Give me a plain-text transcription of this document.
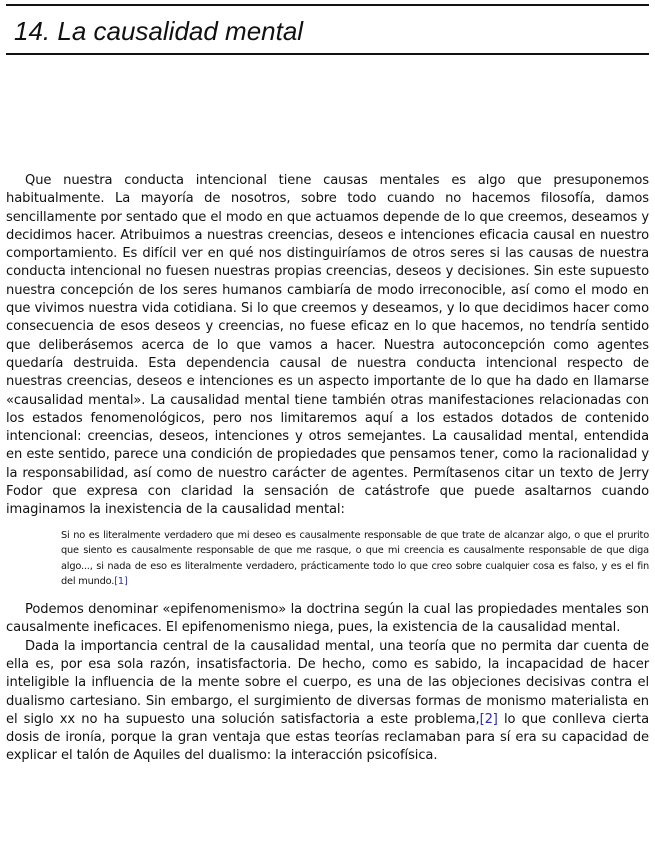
14. La causalidad mental

Que nuestra conducta intencional tiene causas mentales es algo que presuponemos habitualmente. La mayoría de nosotros, sobre todo cuando no hacemos filosofía, damos sencillamente por sentado que el modo en que actuamos depende de lo que creemos, deseamos y decidimos hacer. Atribuimos a nuestras creencias, deseos e intenciones eficacia causal en nuestro comportamiento. Es difícil ver en qué nos distinguiríamos de otros seres si las causas de nuestra conducta intencional no fuesen nuestras propias creencias, deseos y decisiones. Sin este supuesto nuestra concepción de los seres humanos cambiaría de modo irreconocible, así como el modo en que vivimos nuestra vida cotidiana. Si lo que creemos y deseamos, y lo que decidimos hacer como consecuencia de esos deseos y creencias, no fuese eficaz en lo que hacemos, no tendría sentido que deliberásemos acerca de lo que vamos a hacer. Nuestra autoconcepción como agentes quedaría destruida. Esta dependencia causal de nuestra conducta intencional respecto de nuestras creencias, deseos e intenciones es un aspecto importante de lo que ha dado en llamarse «causalidad mental». La causalidad mental tiene también otras manifestaciones relacionadas con los estados fenomenológicos, pero nos limitaremos aquí a los estados dotados de contenido intencional: creencias, deseos, intenciones y otros semejantes. La causalidad mental, entendida en este sentido, parece una condición de propiedades que pensamos tener, como la racionalidad y la responsabilidad, así como de nuestro carácter de agentes. Permítasenos citar un texto de Jerry Fodor que expresa con claridad la sensación de catástrofe que puede asaltarnos cuando imaginamos la inexistencia de la causalidad mental:

Si no es literalmente verdadero que mi deseo es causalmente responsable de que trate de alcanzar algo, o que el prurito que siento es causalmente responsable de que me rasque, o que mi creencia es causalmente responsable de que diga algo..., si nada de eso es literalmente verdadero, prácticamente todo lo que creo sobre cualquier cosa es falso, y es el fin del mundo.[1]

Podemos denominar «epifenomenismo» la doctrina según la cual las propiedades mentales son causalmente ineficaces. El epifenomenismo niega, pues, la existencia de la causalidad mental.

Dada la importancia central de la causalidad mental, una teoría que no permita dar cuenta de ella es, por esa sola razón, insatisfactoria. De hecho, como es sabido, la incapacidad de hacer inteligible la influencia de la mente sobre el cuerpo, es una de las objeciones decisivas contra el dualismo cartesiano. Sin embargo, el surgimiento de diversas formas de monismo materialista en el siglo xx no ha supuesto una solución satisfactoria a este problema,[2] lo que conlleva cierta dosis de ironía, porque la gran ventaja que estas teorías reclamaban para sí era su capacidad de explicar el talón de Aquiles del dualismo: la interacción psicofísica.
